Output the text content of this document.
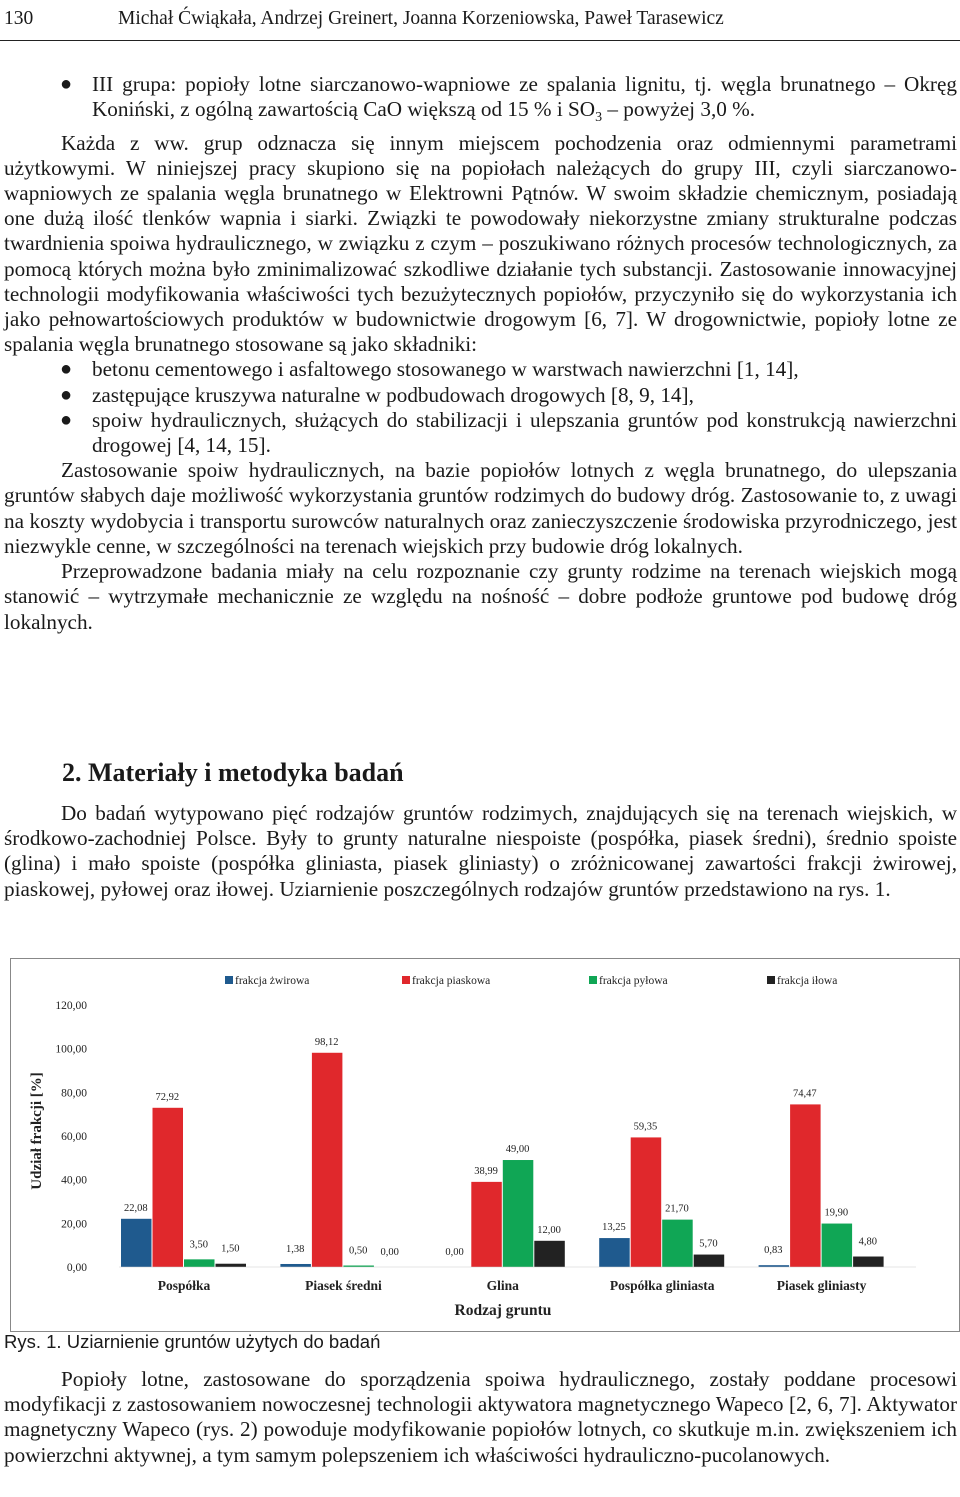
130	Michał Ćwiąkała, Andrzej Greinert, Joanna Korzeniowska, Paweł Tarasewicz

● III grupa: popioły lotne siarczanowo-wapniowe ze spalania lignitu, tj. węgla brunatnego – Okręg Koniński, z ogólną zawartością CaO większą od 15 % i $SO_3$ – powyżej 3,0 %.

Każda z ww. grup odznacza się innym miejscem pochodzenia oraz odmiennymi parametrami użytkowymi. W niniejszej pracy skupiono się na popiołach należących do grupy III, czyli siarczanowo-wapniowych ze spalania węgla brunatnego w Elektrowni Pątnów. W swoim składzie chemicznym, posiadają one dużą ilość tlenków wapnia i siarki. Związki te powodowały niekorzystne zmiany strukturalne podczas twardnienia spoiwa hydraulicznego, w związku z czym – poszukiwano różnych procesów technologicznych, za pomocą których można było zminimalizować szkodliwe działanie tych substancji. Zastosowanie innowacyjnej technologii modyfikowania właściwości tych bezużytecznych popiołów, przyczyniło się do wykorzystania ich jako pełnowartościowych produktów w budownictwie drogowym [6, 7]. W drogownictwie, popioły lotne ze spalania węgla brunatnego stosowane są jako składniki:

● betonu cementowego i asfaltowego stosowanego w warstwach nawierzchni [1, 14],

● zastępujące kruszywa naturalne w podbudowach drogowych [8, 9, 14],

● spoiw hydraulicznych, służących do stabilizacji i ulepszania gruntów pod konstrukcją nawierzchni drogowej [4, 14, 15].

Zastosowanie spoiw hydraulicznych, na bazie popiołów lotnych z węgla brunatnego, do ulepszania gruntów słabych daje możliwość wykorzystania gruntów rodzimych do budowy dróg. Zastosowanie to, z uwagi na koszty wydobycia i transportu surowców naturalnych oraz zanieczyszczenie środowiska przyrodniczego, jest niezwykle cenne, w szczególności na terenach wiejskich przy budowie dróg lokalnych.

Przeprowadzone badania miały na celu rozpoznanie czy grunty rodzime na terenach wiejskich mogą stanowić – wytrzymałe mechanicznie ze względu na nośność – dobre podłoże gruntowe pod budowę dróg lokalnych.

2. Materiały i metodyka badań

Do badań wytypowano pięć rodzajów gruntów rodzimych, znajdujących się na terenach wiejskich, w środkowo-zachodniej Polsce. Były to grunty naturalne niespoiste (pospółka, piasek średni), średnio spoiste (glina) i mało spoiste (pospółka gliniasta, piasek gliniasty) o zróżnicowanej zawartości frakcji żwirowej, piaskowej, pyłowej oraz iłowej. Uziarnienie poszczególnych rodzajów gruntów przedstawiono na rys. 1.

0,00
20,00
40,00
60,00
80,00
100,00
120,00
Udział frakcji [%]
frakcja żwirowa	frakcja piaskowa	frakcja pyłowa	frakcja iłowa
22,08
72,92
3,50 1,50
Pospółka
1,38
98,12
0,50 0,00
Piasek średni
0,00
38,99
49,00
12,00
Glina
13,25
59,35
21,70
5,70
Pospółka gliniasta
0,83
74,47
19,90
4,80
Piasek gliniasty
Rodzaj gruntu

Rys. 1. Uziarnienie gruntów użytych do badań

Popioły lotne, zastosowane do sporządzenia spoiwa hydraulicznego, zostały poddane procesowi modyfikacji z zastosowaniem nowoczesnej technologii aktywatora magnetycznego Wapeco [2, 6, 7]. Aktywator magnetyczny Wapeco (rys. 2) powoduje modyfikowanie popiołów lotnych, co skutkuje m.in. zwiększeniem ich powierzchni aktywnej, a tym samym polepszeniem ich właściwości hydrauliczno-pucolanowych.
